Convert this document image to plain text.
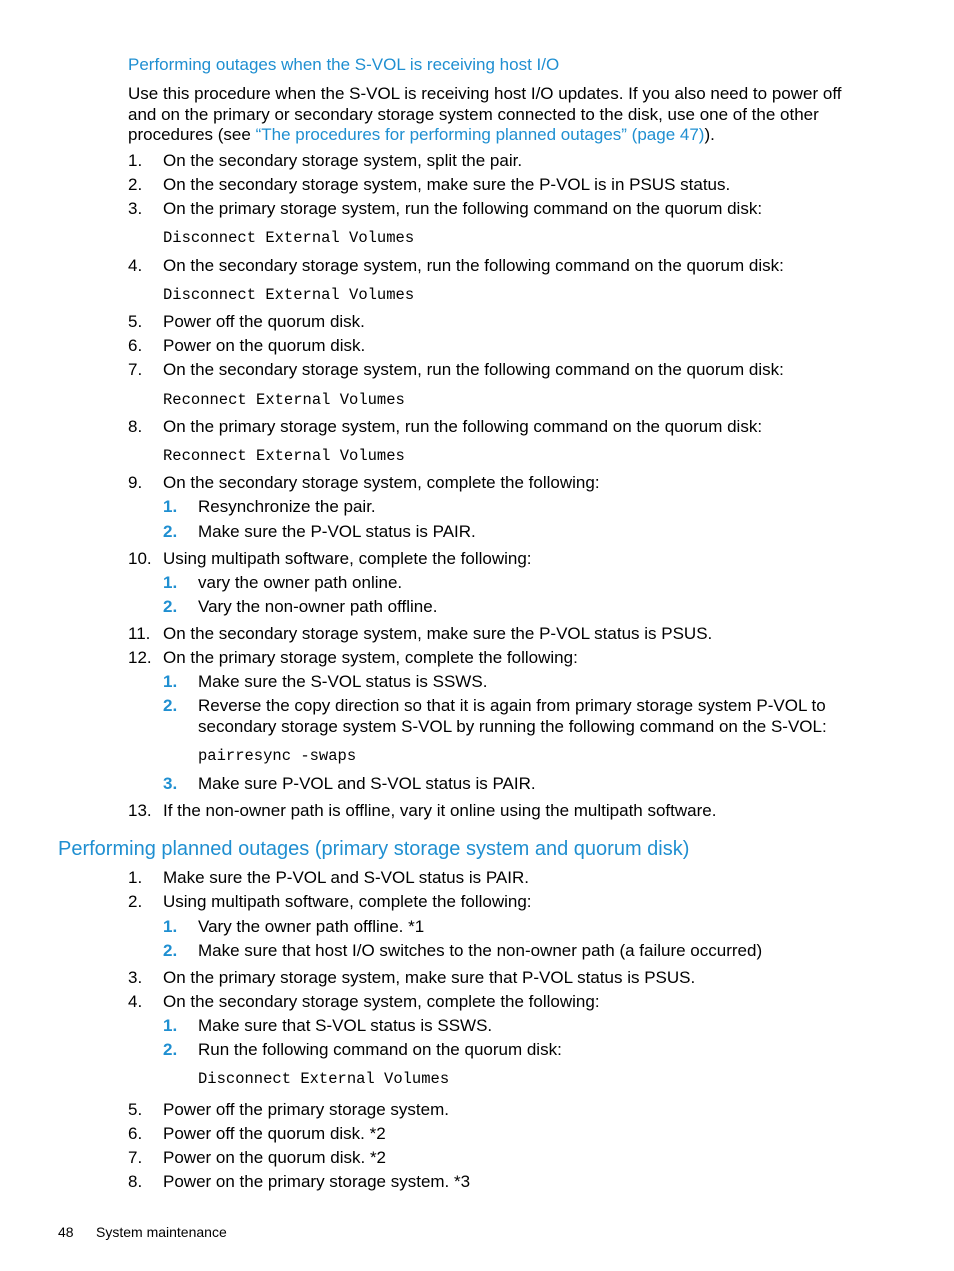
Performing outages when the S-VOL is receiving host I/O

Use this procedure when the S-VOL is receiving host I/O updates. If you also need to power off and on the primary or secondary storage system connected to the disk, use one of the other procedures (see “The procedures for performing planned outages” (page 47)).

1. On the secondary storage system, split the pair.
2. On the secondary storage system, make sure the P-VOL is in PSUS status.
3. On the primary storage system, run the following command on the quorum disk:
Disconnect External Volumes
4. On the secondary storage system, run the following command on the quorum disk:
Disconnect External Volumes
5. Power off the quorum disk.
6. Power on the quorum disk.
7. On the secondary storage system, run the following command on the quorum disk:
Reconnect External Volumes
8. On the primary storage system, run the following command on the quorum disk:
Reconnect External Volumes
9. On the secondary storage system, complete the following:
1. Resynchronize the pair.
2. Make sure the P-VOL status is PAIR.
10. Using multipath software, complete the following:
1. vary the owner path online.
2. Vary the non-owner path offline.
11. On the secondary storage system, make sure the P-VOL status is PSUS.
12. On the primary storage system, complete the following:
1. Make sure the S-VOL status is SSWS.
2. Reverse the copy direction so that it is again from primary storage system P-VOL to
secondary storage system S-VOL by running the following command on the S-VOL:
pairresync -swaps
3. Make sure P-VOL and S-VOL status is PAIR.
13. If the non-owner path is offline, vary it online using the multipath software.
Performing planned outages (primary storage system and quorum disk)
1. Make sure the P-VOL and S-VOL status is PAIR.
2. Using multipath software, complete the following:
1. Vary the owner path offline. *1
2. Make sure that host I/O switches to the non-owner path (a failure occurred)
3. On the primary storage system, make sure that P-VOL status is PSUS.
4. On the secondary storage system, complete the following:
1. Make sure that S-VOL status is SSWS.
2. Run the following command on the quorum disk:
Disconnect External Volumes
5. Power off the primary storage system.
6. Power off the quorum disk. *2
7. Power on the quorum disk. *2
8. Power on the primary storage system. *3
48 System maintenance
